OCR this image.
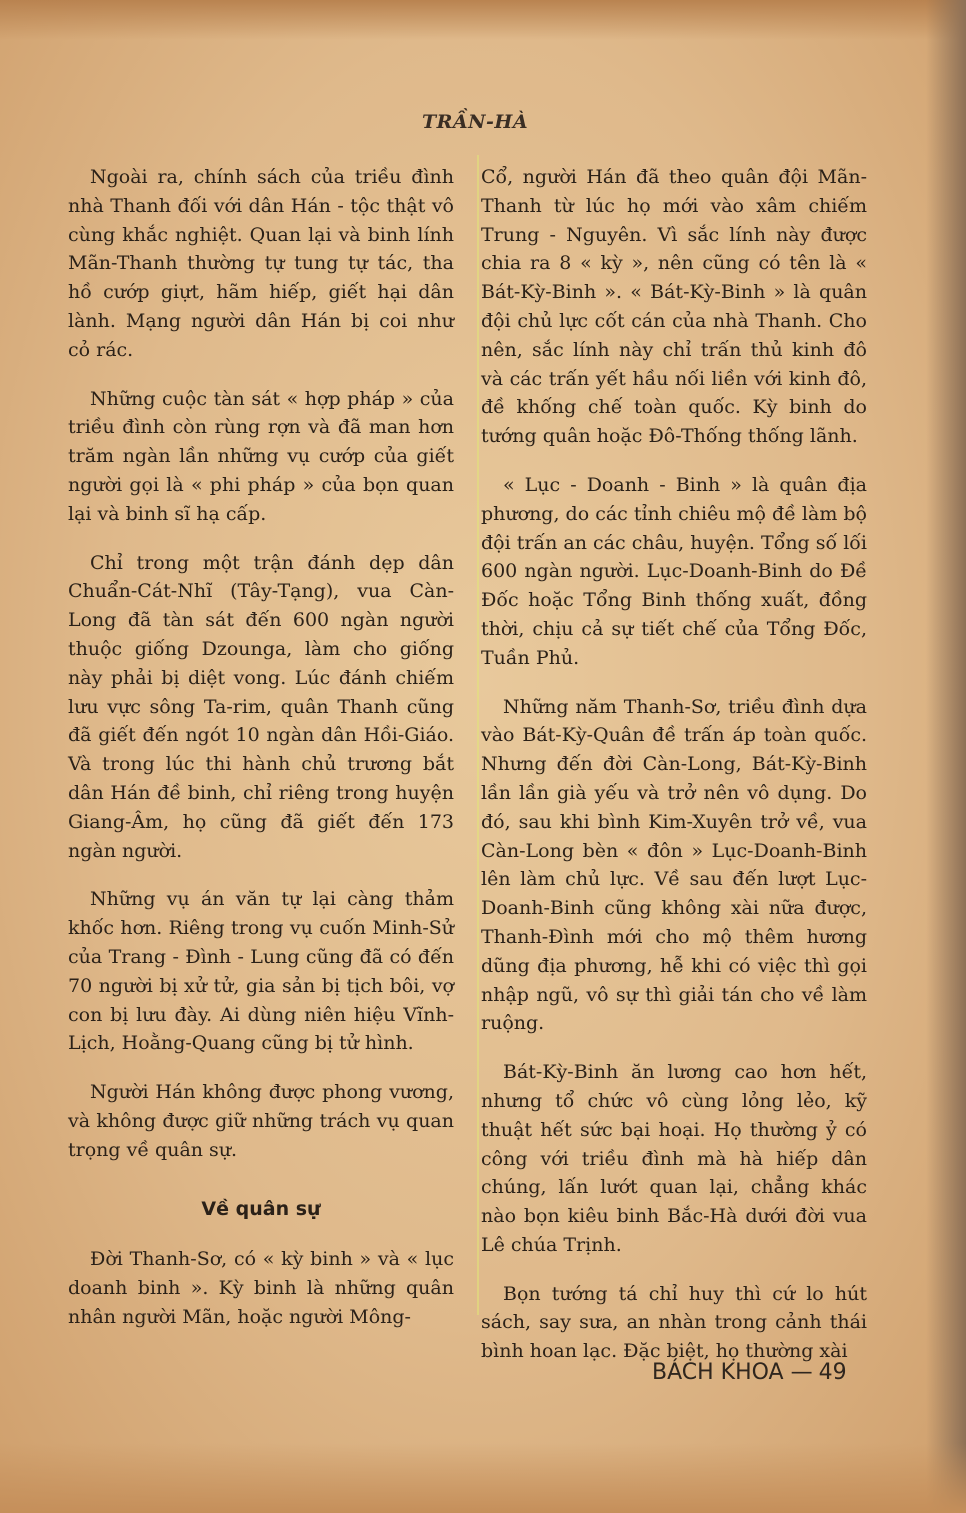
TRẦN-HÀ

Ngoài ra, chính sách của triều đình nhà Thanh đối với dân Hán - tộc thật vô cùng khắc nghiệt. Quan lại và binh lính Mãn-Thanh thường tự tung tự tác, tha hồ cướp giựt, hãm hiếp, giết hại dân lành. Mạng người dân Hán bị coi như cỏ rác.

Những cuộc tàn sát « hợp pháp » của triều đình còn rùng rợn và đã man hơn trăm ngàn lần những vụ cướp của giết người gọi là « phi pháp » của bọn quan lại và binh sĩ hạ cấp.

Chỉ trong một trận đánh dẹp dân Chuẩn-Cát-Nhĩ (Tây-Tạng), vua Càn-Long đã tàn sát đến 600 ngàn người thuộc giống Dzounga, làm cho giống này phải bị diệt vong. Lúc đánh chiếm lưu vực sông Ta-rim, quân Thanh cũng đã giết đến ngót 10 ngàn dân Hồi-Giáo. Và trong lúc thi hành chủ trương bắt dân Hán đề binh, chỉ riêng trong huyện Giang-Âm, họ cũng đã giết đến 173 ngàn người.

Những vụ án văn tự lại càng thảm khốc hơn. Riêng trong vụ cuốn Minh-Sử của Trang - Đình - Lung cũng đã có đến 70 người bị xử tử, gia sản bị tịch bôi, vợ con bị lưu đày. Ai dùng niên hiệu Vĩnh-Lịch, Hoằng-Quang cũng bị tử hình.

Người Hán không được phong vương, và không được giữ những trách vụ quan trọng về quân sự.

Về quân sự

Đời Thanh-Sơ, có « kỳ binh » và « lục doanh binh ». Kỳ binh là những quân nhân người Mãn, hoặc người Mông-

Cổ, người Hán đã theo quân đội Mãn-Thanh từ lúc họ mới vào xâm chiếm Trung - Nguyên. Vì sắc lính này được chia ra 8 « kỳ », nên cũng có tên là « Bát-Kỳ-Binh ». « Bát-Kỳ-Binh » là quân đội chủ lực cốt cán của nhà Thanh. Cho nên, sắc lính này chỉ trấn thủ kinh đô và các trấn yết hầu nối liền với kinh đô, đề khống chế toàn quốc. Kỳ binh do tướng quân hoặc Đô-Thống thống lãnh.

« Lục - Doanh - Binh » là quân địa phương, do các tỉnh chiêu mộ đề làm bộ đội trấn an các châu, huyện. Tổng số lối 600 ngàn người. Lục-Doanh-Binh do Đề Đốc hoặc Tổng Binh thống xuất, đồng thời, chịu cả sự tiết chế của Tổng Đốc, Tuần Phủ.

Những năm Thanh-Sơ, triều đình dựa vào Bát-Kỳ-Quân đề trấn áp toàn quốc. Nhưng đến đời Càn-Long, Bát-Kỳ-Binh lần lần già yếu và trở nên vô dụng. Do đó, sau khi bình Kim-Xuyên trở về, vua Càn-Long bèn « đôn » Lục-Doanh-Binh lên làm chủ lực. Về sau đến lượt Lục-Doanh-Binh cũng không xài nữa được, Thanh-Đình mới cho mộ thêm hương dũng địa phương, hễ khi có việc thì gọi nhập ngũ, vô sự thì giải tán cho về làm ruộng.

Bát-Kỳ-Binh ăn lương cao hơn hết, nhưng tổ chức vô cùng lỏng lẻo, kỹ thuật hết sức bại hoại. Họ thường ỷ có công với triều đình mà hà hiếp dân chúng, lấn lướt quan lại, chẳng khác nào bọn kiêu binh Bắc-Hà dưới đời vua Lê chúa Trịnh.

Bọn tướng tá chỉ huy thì cứ lo hút sách, say sưa, an nhàn trong cảnh thái bình hoan lạc. Đặc biệt, họ thường xài

BÁCH KHOA — 49
